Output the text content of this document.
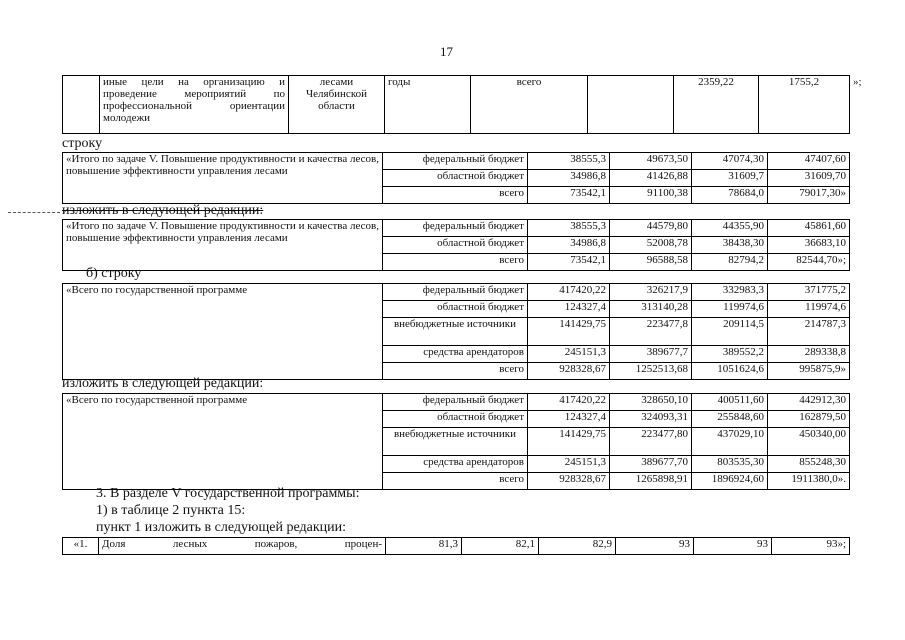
17
	иные цели на организацию и проведение мероприятий по профессиональной ориентации молодежи	лесами Челябинской области	годы	всего		2359,22	1755,2	»;
строку
«Итого по задаче V. Повышение продуктивности и качества лесов, повышение эффективности управления лесами	федеральный бюджет	38555,3	49673,50	47074,30	47407,60
	областной бюджет	34986,8	41426,88	31609,7	31609,70
	всего	73542,1	91100,38	78684,0	79017,30»
изложить в следующей редакции:
«Итого по задаче V. Повышение продуктивности и качества лесов, повышение эффективности управления лесами	федеральный бюджет	38555,3	44579,80	44355,90	45861,60
	областной бюджет	34986,8	52008,78	38438,30	36683,10
	всего	73542,1	96588,58	82794,2	82544,70»;
б) строку
«Всего по государственной программе	федеральный бюджет	417420,22	326217,9	332983,3	371775,2
	областной бюджет	124327,4	313140,28	119974,6	119974,6
	внебюджетные источники	141429,75	223477,8	209114,5	214787,3
	средства арендаторов	245151,3	389677,7	389552,2	289338,8
	всего	928328,67	1252513,68	1051624,6	995875,9»
изложить в следующей редакции:
«Всего по государственной программе	федеральный бюджет	417420,22	328650,10	400511,60	442912,30
	областной бюджет	124327,4	324093,31	255848,60	162879,50
	внебюджетные источники	141429,75	223477,80	437029,10	450340,00
	средства арендаторов	245151,3	389677,70	803535,30	855248,30
	всего	928328,67	1265898,91	1896924,60	1911380,0».
3. В разделе V государственной программы:
1) в таблице 2 пункта 15:
пункт 1 изложить в следующей редакции:
«1.	Доля лесных пожаров, процен-	81,3	82,1	82,9	93	93	93»;
